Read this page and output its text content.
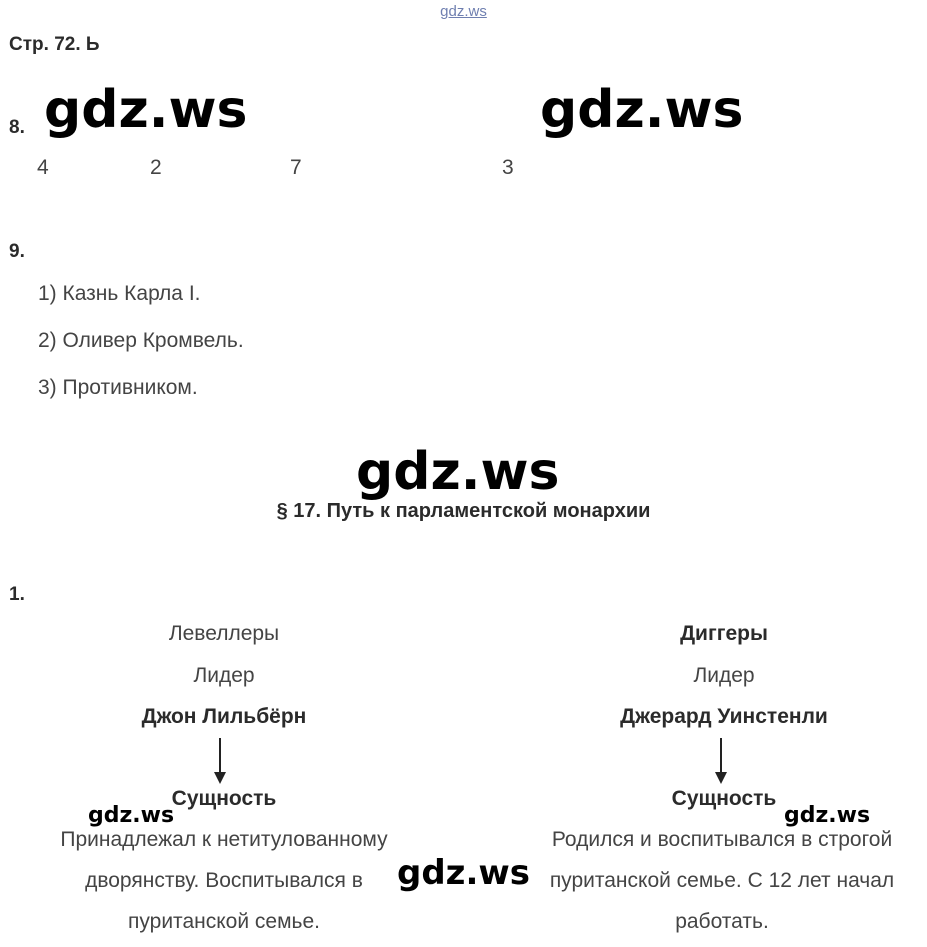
gdz.ws
Стр. 72. Ь
8. gdz.ws	gdz.ws
4	2	7	3
9.
1) Казнь Карла I.
2) Оливер Кромвель.
3) Противником.
gdz.ws
§ 17. Путь к парламентской монархии
1.
Левеллеры
Лидер
Джон Лильбёрн
Сущность
Принадлежал к нетитулованному
дворянству. Воспитывался в
пуританской семье.
Диггеры
Лидер
Джерард Уинстенли
Сущность
Родился и воспитывался в строгой
пуританской семье. С 12 лет начал
работать.
gdz.ws	gdz.ws
gdz.ws
